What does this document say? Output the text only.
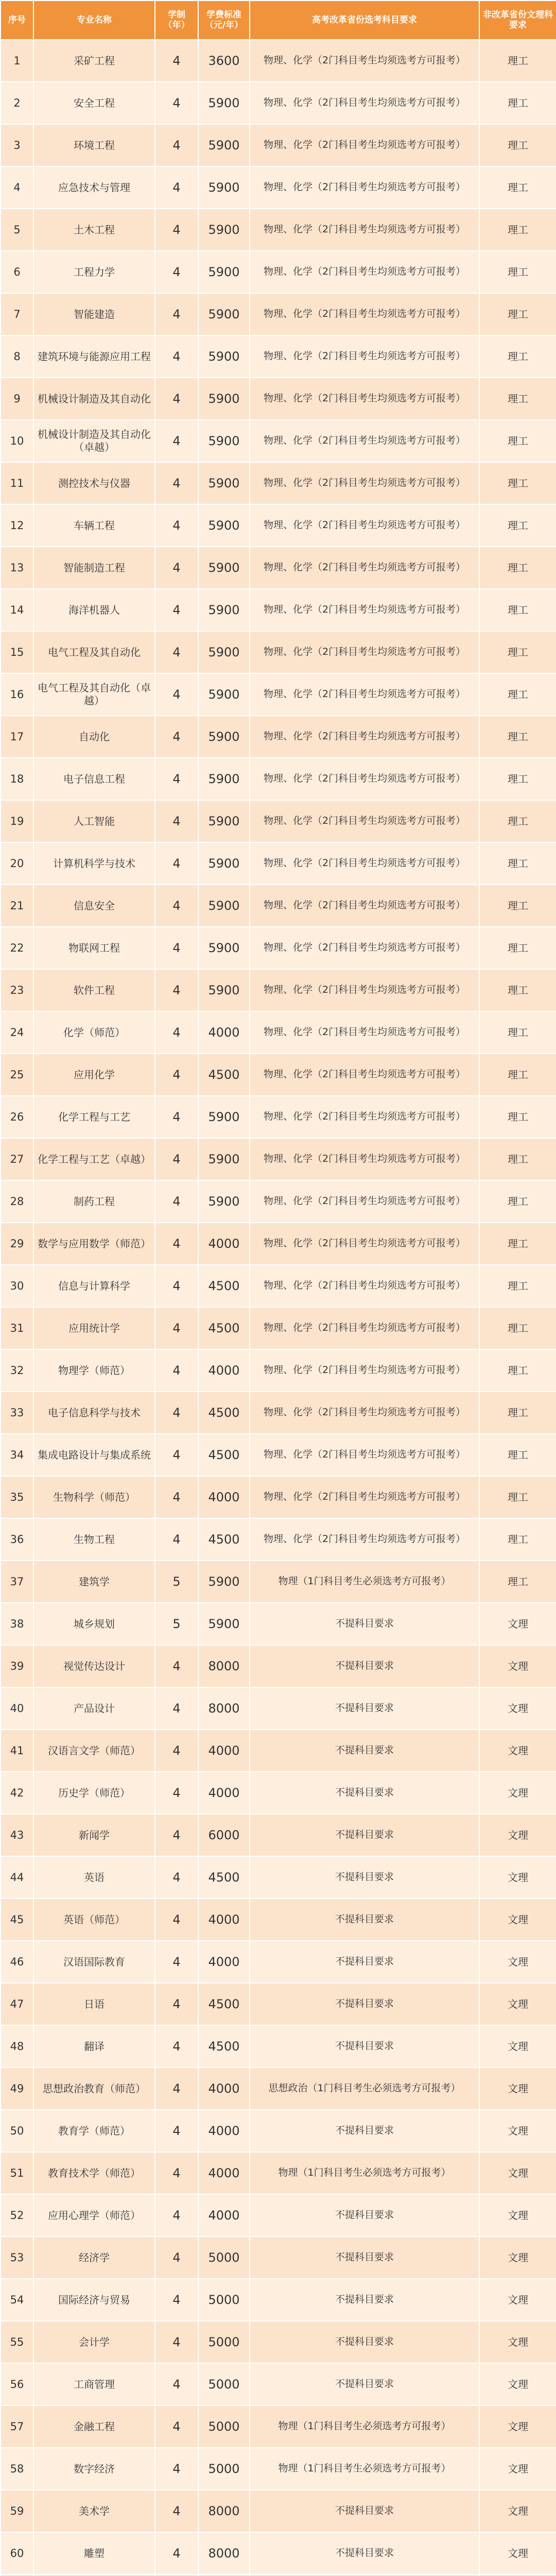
序号	专业名称	学制（年）	学费标准（元/年）	高考改革省份选考科目要求	非改革省份文理科要求
1	采矿工程	4	3600	物理、化学（2门科目考生均须选考方可报考）	理工
2	安全工程	4	5900	物理、化学（2门科目考生均须选考方可报考）	理工
3	环境工程	4	5900	物理、化学（2门科目考生均须选考方可报考）	理工
4	应急技术与管理	4	5900	物理、化学（2门科目考生均须选考方可报考）	理工
5	土木工程	4	5900	物理、化学（2门科目考生均须选考方可报考）	理工
6	工程力学	4	5900	物理、化学（2门科目考生均须选考方可报考）	理工
7	智能建造	4	5900	物理、化学（2门科目考生均须选考方可报考）	理工
8	建筑环境与能源应用工程	4	5900	物理、化学（2门科目考生均须选考方可报考）	理工
9	机械设计制造及其自动化	4	5900	物理、化学（2门科目考生均须选考方可报考）	理工
10	机械设计制造及其自动化（卓越）	4	5900	物理、化学（2门科目考生均须选考方可报考）	理工
11	测控技术与仪器	4	5900	物理、化学（2门科目考生均须选考方可报考）	理工
12	车辆工程	4	5900	物理、化学（2门科目考生均须选考方可报考）	理工
13	智能制造工程	4	5900	物理、化学（2门科目考生均须选考方可报考）	理工
14	海洋机器人	4	5900	物理、化学（2门科目考生均须选考方可报考）	理工
15	电气工程及其自动化	4	5900	物理、化学（2门科目考生均须选考方可报考）	理工
16	电气工程及其自动化（卓越）	4	5900	物理、化学（2门科目考生均须选考方可报考）	理工
17	自动化	4	5900	物理、化学（2门科目考生均须选考方可报考）	理工
18	电子信息工程	4	5900	物理、化学（2门科目考生均须选考方可报考）	理工
19	人工智能	4	5900	物理、化学（2门科目考生均须选考方可报考）	理工
20	计算机科学与技术	4	5900	物理、化学（2门科目考生均须选考方可报考）	理工
21	信息安全	4	5900	物理、化学（2门科目考生均须选考方可报考）	理工
22	物联网工程	4	5900	物理、化学（2门科目考生均须选考方可报考）	理工
23	软件工程	4	5900	物理、化学（2门科目考生均须选考方可报考）	理工
24	化学（师范）	4	4000	物理、化学（2门科目考生均须选考方可报考）	理工
25	应用化学	4	4500	物理、化学（2门科目考生均须选考方可报考）	理工
26	化学工程与工艺	4	5900	物理、化学（2门科目考生均须选考方可报考）	理工
27	化学工程与工艺（卓越）	4	5900	物理、化学（2门科目考生均须选考方可报考）	理工
28	制药工程	4	5900	物理、化学（2门科目考生均须选考方可报考）	理工
29	数学与应用数学（师范）	4	4000	物理、化学（2门科目考生均须选考方可报考）	理工
30	信息与计算科学	4	4500	物理、化学（2门科目考生均须选考方可报考）	理工
31	应用统计学	4	4500	物理、化学（2门科目考生均须选考方可报考）	理工
32	物理学（师范）	4	4000	物理、化学（2门科目考生均须选考方可报考）	理工
33	电子信息科学与技术	4	4500	物理、化学（2门科目考生均须选考方可报考）	理工
34	集成电路设计与集成系统	4	4500	物理、化学（2门科目考生均须选考方可报考）	理工
35	生物科学（师范）	4	4000	物理、化学（2门科目考生均须选考方可报考）	理工
36	生物工程	4	4500	物理、化学（2门科目考生均须选考方可报考）	理工
37	建筑学	5	5900	物理（1门科目考生必须选考方可报考）	理工
38	城乡规划	5	5900	不提科目要求	文理
39	视觉传达设计	4	8000	不提科目要求	文理
40	产品设计	4	8000	不提科目要求	文理
41	汉语言文学（师范）	4	4000	不提科目要求	文理
42	历史学（师范）	4	4000	不提科目要求	文理
43	新闻学	4	6000	不提科目要求	文理
44	英语	4	4500	不提科目要求	文理
45	英语（师范）	4	4000	不提科目要求	文理
46	汉语国际教育	4	4000	不提科目要求	文理
47	日语	4	4500	不提科目要求	文理
48	翻译	4	4500	不提科目要求	文理
49	思想政治教育（师范）	4	4000	思想政治（1门科目考生必须选考方可报考）	文理
50	教育学（师范）	4	4000	不提科目要求	文理
51	教育技术学（师范）	4	4000	物理（1门科目考生必须选考方可报考）	文理
52	应用心理学（师范）	4	4000	不提科目要求	文理
53	经济学	4	5000	不提科目要求	文理
54	国际经济与贸易	4	5000	不提科目要求	文理
55	会计学	4	5000	不提科目要求	文理
56	工商管理	4	5000	不提科目要求	文理
57	金融工程	4	5000	物理（1门科目考生必须选考方可报考）	文理
58	数字经济	4	5000	物理（1门科目考生必须选考方可报考）	文理
59	美术学	4	8000	不提科目要求	文理
60	雕塑	4	8000	不提科目要求	文理
